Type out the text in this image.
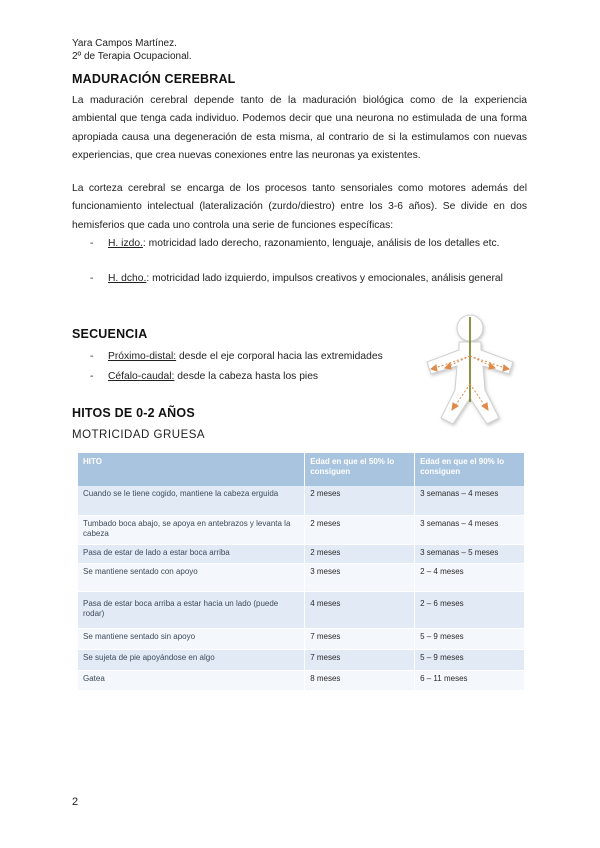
Yara Campos Martínez.
2º de Terapia Ocupacional.
MADURACIÓN CEREBRAL

La maduración cerebral depende tanto de la maduración biológica como de la experiencia ambiental que tenga cada individuo. Podemos decir que una neurona no estimulada de una forma apropiada causa una degeneración de esta misma, al contrario de si la estimulamos con nuevas experiencias, que crea nuevas conexiones entre las neuronas ya existentes.

La corteza cerebral se encarga de los procesos tanto sensoriales como motores además del funcionamiento intelectual (lateralización (zurdo/diestro) entre los 3-6 años). Se divide en dos hemisferios que cada uno controla una serie de funciones específicas:

- H. izdo.: motricidad lado derecho, razonamiento, lenguaje, análisis de los detalles etc.
- H. dcho.: motricidad lado izquierdo, impulsos creativos y emocionales, análisis general
SECUENCIA
- Próximo-distal: desde el eje corporal hacia las extremidades
- Céfalo-caudal: desde la cabeza hasta los pies
HITOS DE 0-2 AÑOS
MOTRICIDAD GRUESA
HITO	Edad en que el 50% lo consiguen	Edad en que el 90% lo consiguen
Cuando se le tiene cogido, mantiene la cabeza erguida	2 meses	3 semanas – 4 meses
Tumbado boca abajo, se apoya en antebrazos y levanta la cabeza	2 meses	3 semanas – 4 meses
Pasa de estar de lado a estar boca arriba	2 meses	3 semanas – 5 meses
Se mantiene sentado con apoyo	3 meses	2 – 4 meses
Pasa de estar boca arriba a estar hacia un lado (puede rodar)	4 meses	2 – 6 meses
Se mantiene sentado sin apoyo	7 meses	5 – 9 meses
Se sujeta de pie apoyándose en algo	7 meses	5 – 9 meses
Gatea	8 meses	6 – 11 meses
2
